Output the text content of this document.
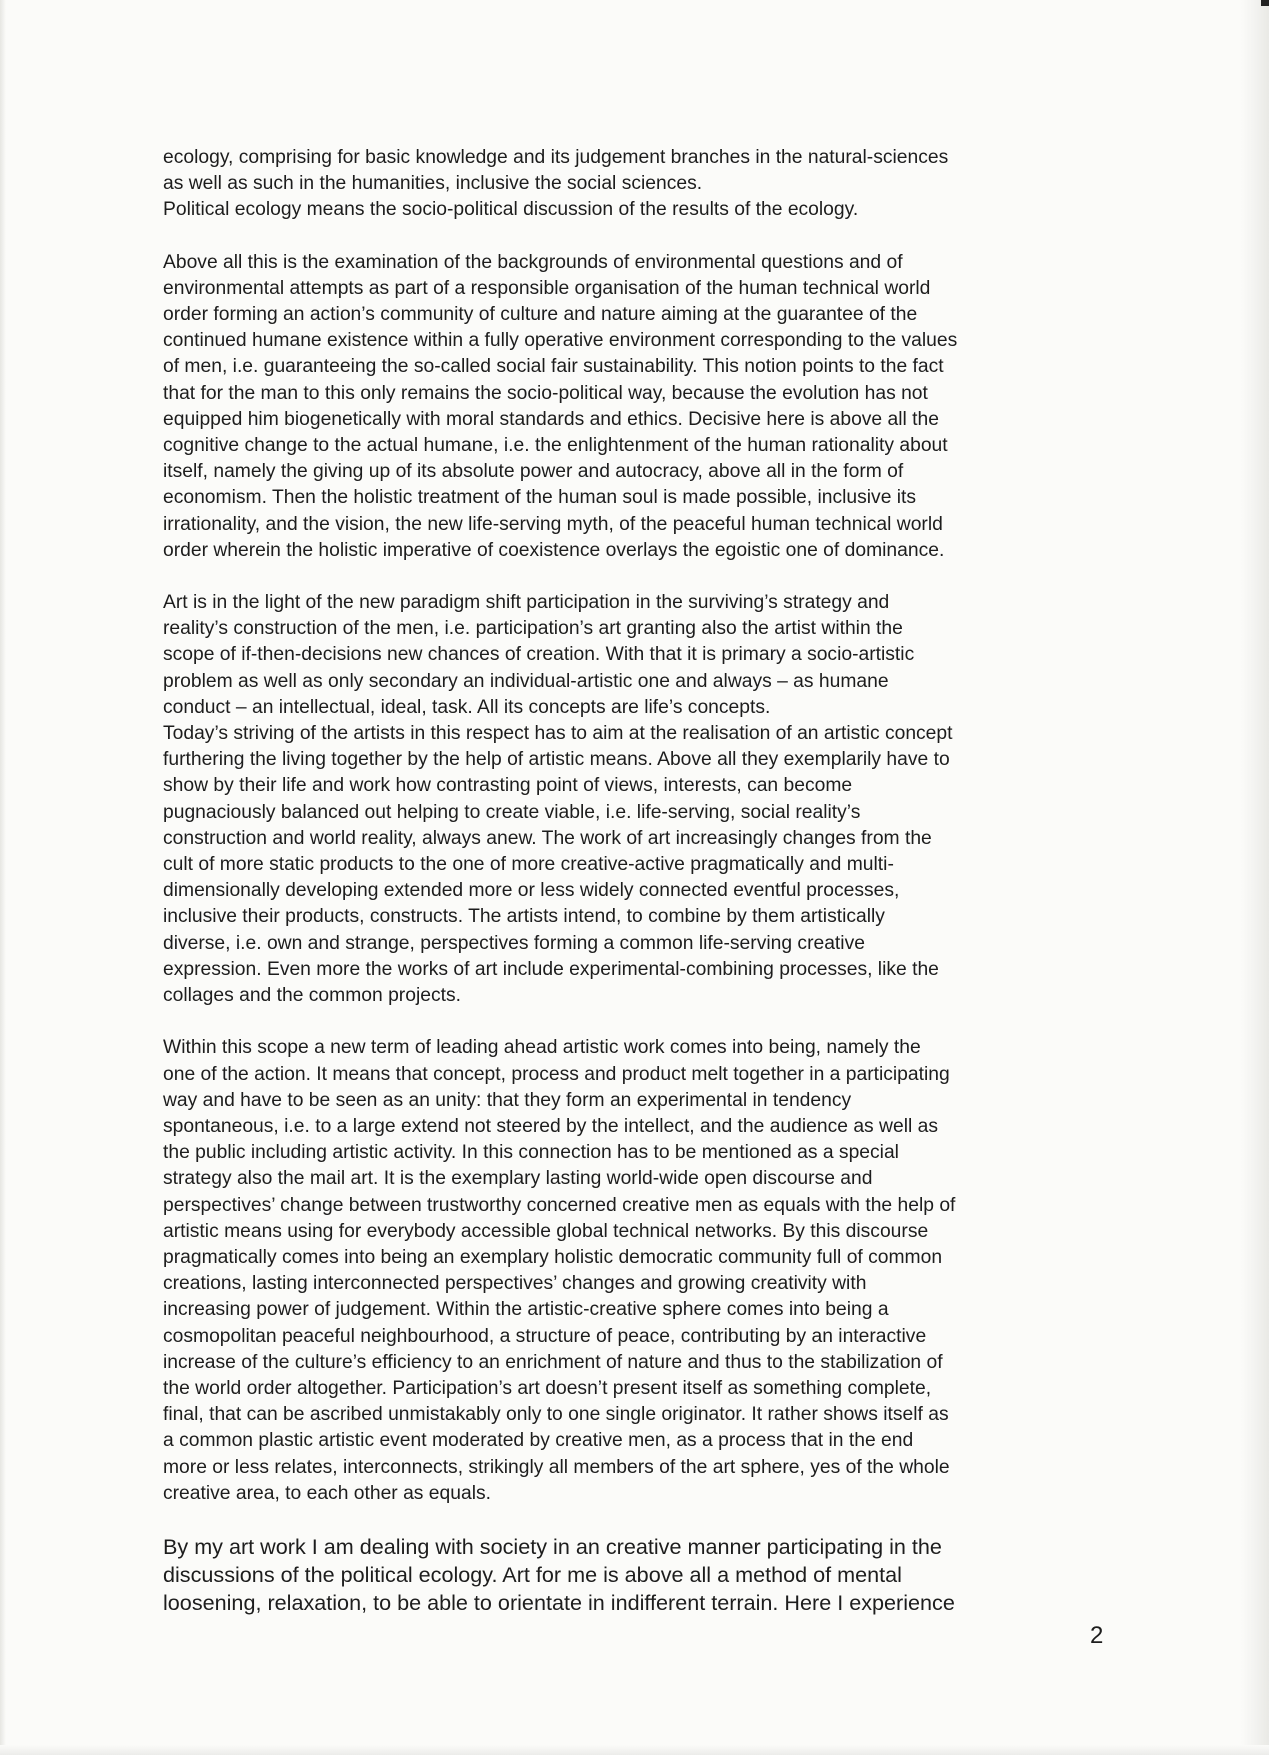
ecology, comprising for basic knowledge and its judgement branches in the natural-sciences
as well as such in the humanities, inclusive the social sciences.
Political ecology means the socio-political discussion of the results of the ecology.

Above all this is the examination of the backgrounds of environmental questions and of
environmental attempts as part of a responsible organisation of the human technical world
order forming an action’s community of culture and nature aiming at the guarantee of the
continued humane existence within a fully operative environment corresponding to the values
of men, i.e. guaranteeing the so-called social fair sustainability. This notion points to the fact
that for the man to this only remains the socio-political way, because the evolution has not
equipped him biogenetically with moral standards and ethics. Decisive here is above all the
cognitive change to the actual humane, i.e. the enlightenment of the human rationality about
itself, namely the giving up of its absolute power and autocracy, above all in the form of
economism. Then the holistic treatment of the human soul is made possible, inclusive its
irrationality, and the vision, the new life-serving myth, of the peaceful human technical world
order wherein the holistic imperative of coexistence overlays the egoistic one of dominance.

Art is in the light of the new paradigm shift participation in the surviving’s strategy and
reality’s construction of the men, i.e. participation’s art granting also the artist within the
scope of if-then-decisions new chances of creation. With that it is primary a socio-artistic
problem as well as only secondary an individual-artistic one and always – as humane
conduct – an intellectual, ideal, task. All its concepts are life’s concepts.
Today’s striving of the artists in this respect has to aim at the realisation of an artistic concept
furthering the living together by the help of artistic means. Above all they exemplarily have to
show by their life and work how contrasting point of views, interests, can become
pugnaciously balanced out helping to create viable, i.e. life-serving, social reality’s
construction and world reality, always anew. The work of art increasingly changes from the
cult of more static products to the one of more creative-active pragmatically and multi-
dimensionally developing extended more or less widely connected eventful processes,
inclusive their products, constructs. The artists intend, to combine by them artistically
diverse, i.e. own and strange, perspectives forming a common life-serving creative
expression. Even more the works of art include experimental-combining processes, like the
collages and the common projects.

Within this scope a new term of leading ahead artistic work comes into being, namely the
one of the action. It means that concept, process and product melt together in a participating
way and have to be seen as an unity: that they form an experimental in tendency
spontaneous, i.e. to a large extend not steered by the intellect, and the audience as well as
the public including artistic activity. In this connection has to be mentioned as a special
strategy also the mail art. It is the exemplary lasting world-wide open discourse and
perspectives’ change between trustworthy concerned creative men as equals with the help of
artistic means using for everybody accessible global technical networks. By this discourse
pragmatically comes into being an exemplary holistic democratic community full of common
creations, lasting interconnected perspectives’ changes and growing creativity with
increasing power of judgement. Within the artistic-creative sphere comes into being a
cosmopolitan peaceful neighbourhood, a structure of peace, contributing by an interactive
increase of the culture’s efficiency to an enrichment of nature and thus to the stabilization of
the world order altogether. Participation’s art doesn’t present itself as something complete,
final, that can be ascribed unmistakably only to one single originator. It rather shows itself as
a common plastic artistic event moderated by creative men, as a process that in the end
more or less relates, interconnects, strikingly all members of the art sphere, yes of the whole
creative area, to each other as equals.

By my art work I am dealing with society in an creative manner participating in the
discussions of the political ecology. Art for me is above all a method of mental
loosening, relaxation, to be able to orientate in indifferent terrain. Here I experience

2
